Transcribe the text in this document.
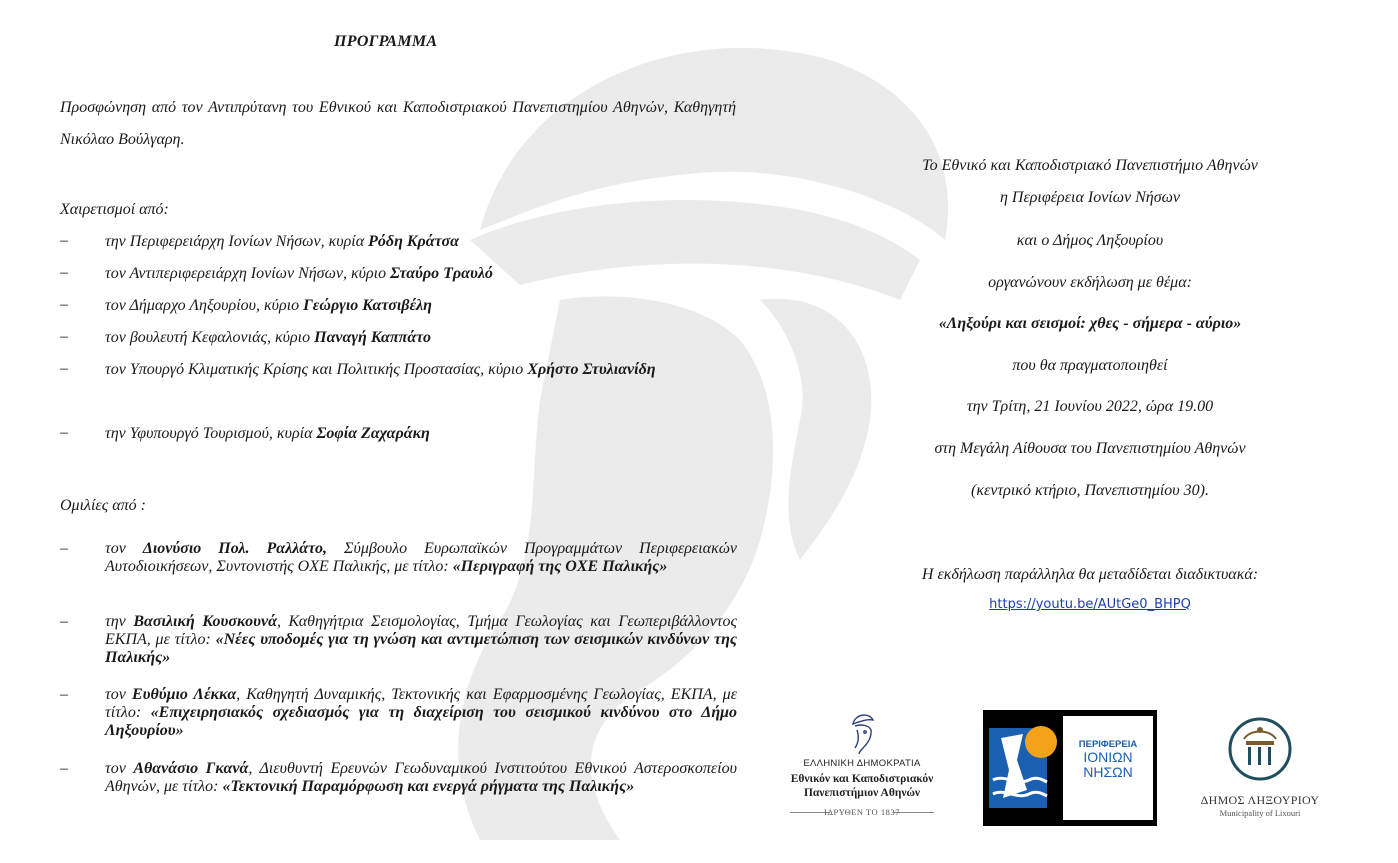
ΠΡΟΓΡΑΜΜΑ
Προσφώνηση από τον Αντιπρύτανη του Εθνικού και Καποδιστριακού Πανεπιστημίου Αθηνών, Καθηγητή Νικόλαο Βούλγαρη.
Χαιρετισμοί από:
– την Περιφερειάρχη Ιονίων Νήσων, κυρία Ρόδη Κράτσα
– τον Αντιπεριφερειάρχη Ιονίων Νήσων, κύριο Σταύρο Τραυλό
– τον Δήμαρχο Ληξουρίου, κύριο Γεώργιο Κατσιβέλη
– τον βουλευτή Κεφαλονιάς, κύριο Παναγή Καππάτο
– τον Υπουργό Κλιματικής Κρίσης και Πολιτικής Προστασίας, κύριο Χρήστο Στυλιανίδη
– την Υφυπουργό Τουρισμού, κυρία Σοφία Ζαχαράκη
Ομιλίες από :
– τον Διονύσιο Πολ. Ραλλάτο, Σύμβουλο Ευρωπαϊκών Προγραμμάτων Περιφερειακών Αυτοδιοικήσεων, Συντονιστής ΟΧΕ Παλικής, με τίτλο: «Περιγραφή της ΟΧΕ Παλικής»
– την Βασιλική Κουσκουνά, Καθηγήτρια Σεισμολογίας, Τμήμα Γεωλογίας και Γεωπεριβάλλοντος ΕΚΠΑ, με τίτλο: «Νέες υποδομές για τη γνώση και αντιμετώπιση των σεισμικών κινδύνων της Παλικής»
– τον Ευθύμιο Λέκκα, Καθηγητή Δυναμικής, Τεκτονικής και Εφαρμοσμένης Γεωλογίας, ΕΚΠΑ, με τίτλο: «Επιχειρησιακός σχεδιασμός για τη διαχείριση του σεισμικού κινδύνου στο Δήμο Ληξουρίου»
– τον Αθανάσιο Γκανά, Διευθυντή Ερευνών Γεωδυναμικού Ινστιτούτου Εθνικού Αστεροσκοπείου Αθηνών, με τίτλο: «Τεκτονική Παραμόρφωση και ενεργά ρήγματα της Παλικής»
Το Εθνικό και Καποδιστριακό Πανεπιστήμιο Αθηνών
η Περιφέρεια Ιονίων Νήσων
και ο Δήμος Ληξουρίου
οργανώνουν εκδήλωση με θέμα:
«Ληξούρι και σεισμοί: χθες - σήμερα - αύριο»
που θα πραγματοποιηθεί
την Τρίτη, 21 Ιουνίου 2022, ώρα 19.00
στη Μεγάλη Αίθουσα του Πανεπιστημίου Αθηνών
(κεντρικό κτήριο, Πανεπιστημίου 30).
Η εκδήλωση παράλληλα θα μεταδίδεται διαδικτυακά:
https://youtu.be/AUtGe0_BHPQ
ΕΛΛΗΝΙΚΗ ΔΗΜΟΚΡΑΤΙΑ
Εθνικόν και Καποδιστριακόν
Πανεπιστήμιον Αθηνών
ΙΔΡΥΘΕΝ ΤΟ 1837
ΠΕΡΙΦΕΡΕΙΑ
ΙΟΝΙΩΝ
ΝΗΣΩΝ
ΔΗΜΟΣ ΛΗΞΟΥΡΙΟΥ
Municipality of Lixouri
